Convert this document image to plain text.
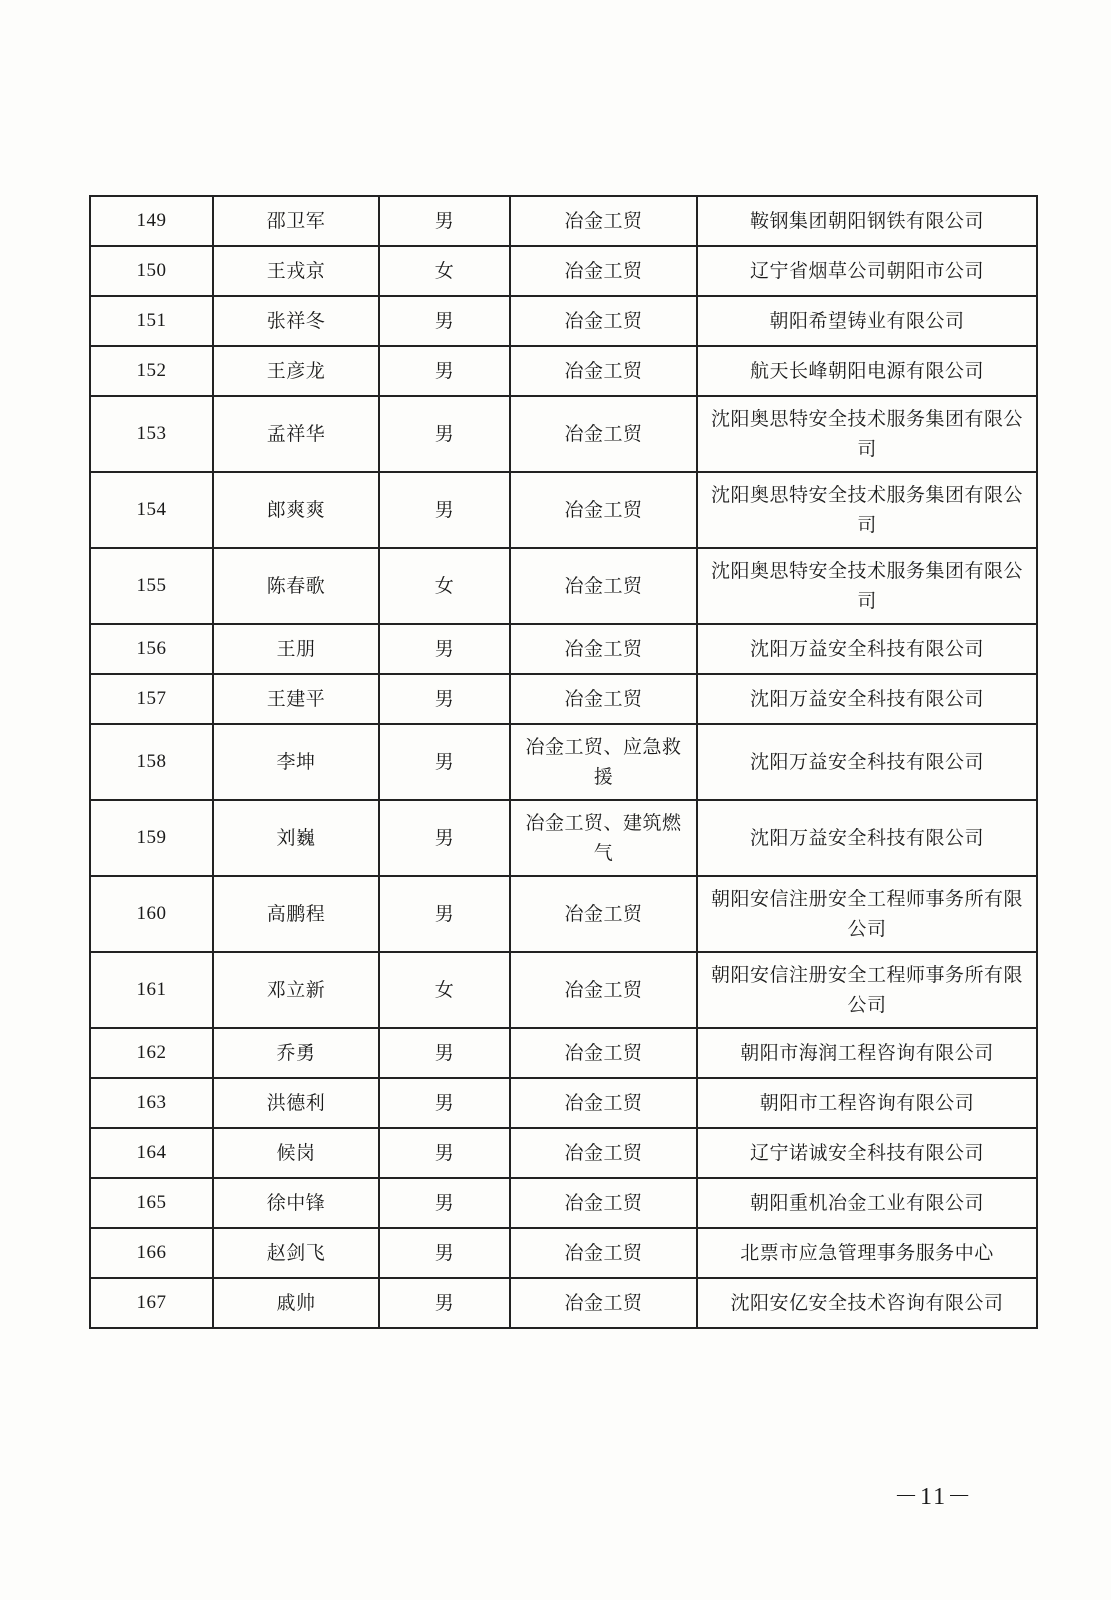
149	邵卫军	男	冶金工贸	鞍钢集团朝阳钢铁有限公司
150	王戎京	女	冶金工贸	辽宁省烟草公司朝阳市公司
151	张祥冬	男	冶金工贸	朝阳希望铸业有限公司
152	王彦龙	男	冶金工贸	航天长峰朝阳电源有限公司
153	孟祥华	男	冶金工贸	沈阳奥思特安全技术服务集团有限公司
154	郎爽爽	男	冶金工贸	沈阳奥思特安全技术服务集团有限公司
155	陈春歌	女	冶金工贸	沈阳奥思特安全技术服务集团有限公司
156	王朋	男	冶金工贸	沈阳万益安全科技有限公司
157	王建平	男	冶金工贸	沈阳万益安全科技有限公司
158	李坤	男	冶金工贸、应急救援	沈阳万益安全科技有限公司
159	刘巍	男	冶金工贸、建筑燃气	沈阳万益安全科技有限公司
160	高鹏程	男	冶金工贸	朝阳安信注册安全工程师事务所有限公司
161	邓立新	女	冶金工贸	朝阳安信注册安全工程师事务所有限公司
162	乔勇	男	冶金工贸	朝阳市海润工程咨询有限公司
163	洪德利	男	冶金工贸	朝阳市工程咨询有限公司
164	候岗	男	冶金工贸	辽宁诺诚安全科技有限公司
165	徐中锋	男	冶金工贸	朝阳重机冶金工业有限公司
166	赵剑飞	男	冶金工贸	北票市应急管理事务服务中心
167	戚帅	男	冶金工贸	沈阳安亿安全技术咨询有限公司
－11－
